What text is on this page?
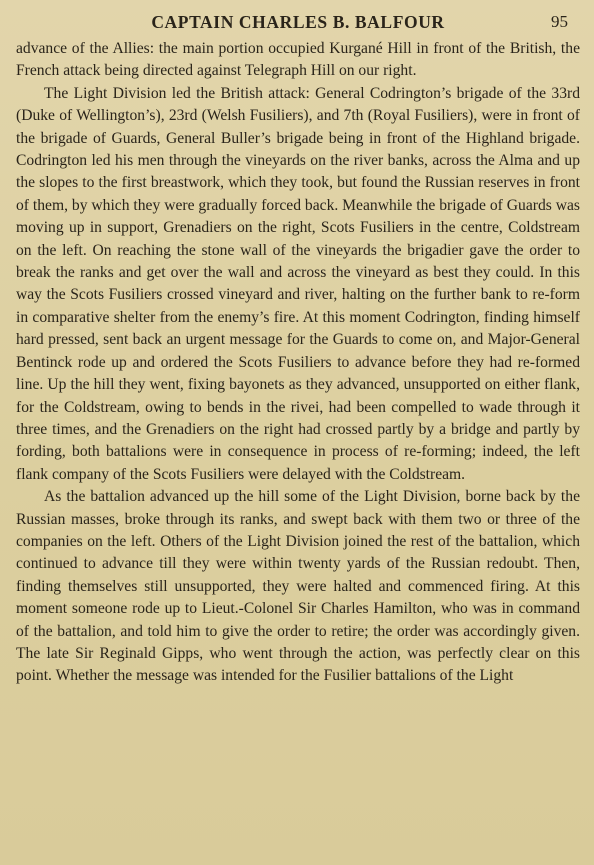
CAPTAIN CHARLES B. BALFOUR	95

advance of the Allies: the main portion occupied Kurgané Hill in front of the British, the French attack being directed against Telegraph Hill on our right.

The Light Division led the British attack: General Codrington’s brigade of the 33rd (Duke of Wellington’s), 23rd (Welsh Fusiliers), and 7th (Royal Fusiliers), were in front of the brigade of Guards, General Buller’s brigade being in front of the Highland brigade. Codrington led his men through the vineyards on the river banks, across the Alma and up the slopes to the first breastwork, which they took, but found the Russian reserves in front of them, by which they were gradually forced back. Meanwhile the brigade of Guards was moving up in support, Grenadiers on the right, Scots Fusiliers in the centre, Coldstream on the left. On reaching the stone wall of the vineyards the brigadier gave the order to break the ranks and get over the wall and across the vineyard as best they could. In this way the Scots Fusiliers crossed vineyard and river, halting on the further bank to re-form in comparative shelter from the enemy’s fire. At this moment Codrington, finding himself hard pressed, sent back an urgent message for the Guards to come on, and Major-General Bentinck rode up and ordered the Scots Fusiliers to advance before they had re-formed line. Up the hill they went, fixing bayonets as they advanced, unsupported on either flank, for the Coldstream, owing to bends in the rivei, had been compelled to wade through it three times, and the Grenadiers on the right had crossed partly by a bridge and partly by fording, both battalions were in consequence in process of re-forming; indeed, the left flank company of the Scots Fusiliers were delayed with the Coldstream.

As the battalion advanced up the hill some of the Light Division, borne back by the Russian masses, broke through its ranks, and swept back with them two or three of the companies on the left. Others of the Light Division joined the rest of the battalion, which continued to advance till they were within twenty yards of the Russian redoubt. Then, finding themselves still unsupported, they were halted and commenced firing. At this moment someone rode up to Lieut.-Colonel Sir Charles Hamilton, who was in command of the battalion, and told him to give the order to retire; the order was accordingly given. The late Sir Reginald Gipps, who went through the action, was perfectly clear on this point. Whether the message was intended for the Fusilier battalions of the Light
